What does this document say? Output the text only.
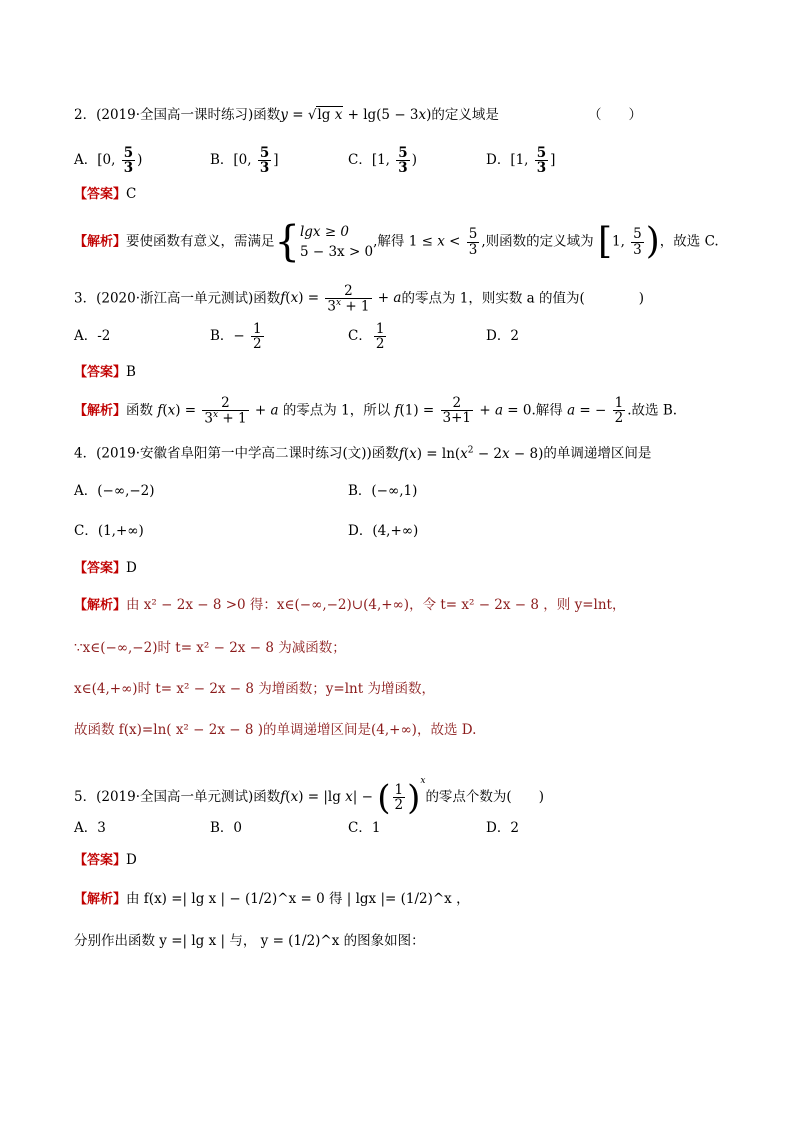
2．(2019·全国高一课时练习)函数y = √lg x + lg(5 − 3x)的定义域是	（　　）
A．[0, $\frac{5}{3}$ )	B．[0, $\frac{5}{3}$ ]	C．[1, $\frac{5}{3}$ )	D．[1, $\frac{5}{3}$ ]
【答案】C
【解析】要使函数有意义，需满足{ lgx ≥ 0
5 − 3x > 0
,解得 $1 \le x < \frac{5}{3}$ ,则函数的定义域为 [1, $\frac{5}{3}$ )，故选 C.
3．(2020·浙江高一单元测试)函数$f(x) = \frac{2}{3^x + 1} + a$的零点为 1，则实数 a 的值为(　　　　)
A．-2	B．− $\frac{1}{2}$	C． $\frac{1}{2}$	D．2
【答案】B
【解析】函数 $f(x) = \frac{2}{3^x + 1} + a$ 的零点为 1，所以 $f(1) = \frac{2}{3+1} + a = 0$.解得 a = − $\frac{1}{2}$ .故选 B.
4．(2019·安徽省阜阳第一中学高二课时练习(文))函数$f(x) = \ln(x^2 - 2x - 8)$的单调递增区间是
A．(−∞,−2)	B．(−∞,1)
C．(1,+∞)	D．(4,+∞)
【答案】D
【解析】由 x² − 2x − 8 >0 得：x∈(−∞,−2)∪(4,+∞)，令 t= x² − 2x − 8 ，则 y=lnt，
∵x∈(−∞,−2)时 t= x² − 2x − 8 为减函数；
x∈(4,+∞)时 t= x² − 2x − 8 为增函数；y=lnt 为增函数，
故函数 f(x)=ln( x² − 2x − 8 )的单调递增区间是(4,+∞)，故选 D.
5．(2019·全国高一单元测试)函数f(x) = |lg x| − ( $\frac{1}{2} )^x$的零点个数为(　　)
A．3	B．0	C．1	D．2
【答案】D
【解析】由 f(x) =| lg x | − (1/2)^x = 0 得 | lgx |= (1/2)^x ，
分别作出函数 y =| lg x | 与， y = (1/2)^x 的图象如图：
